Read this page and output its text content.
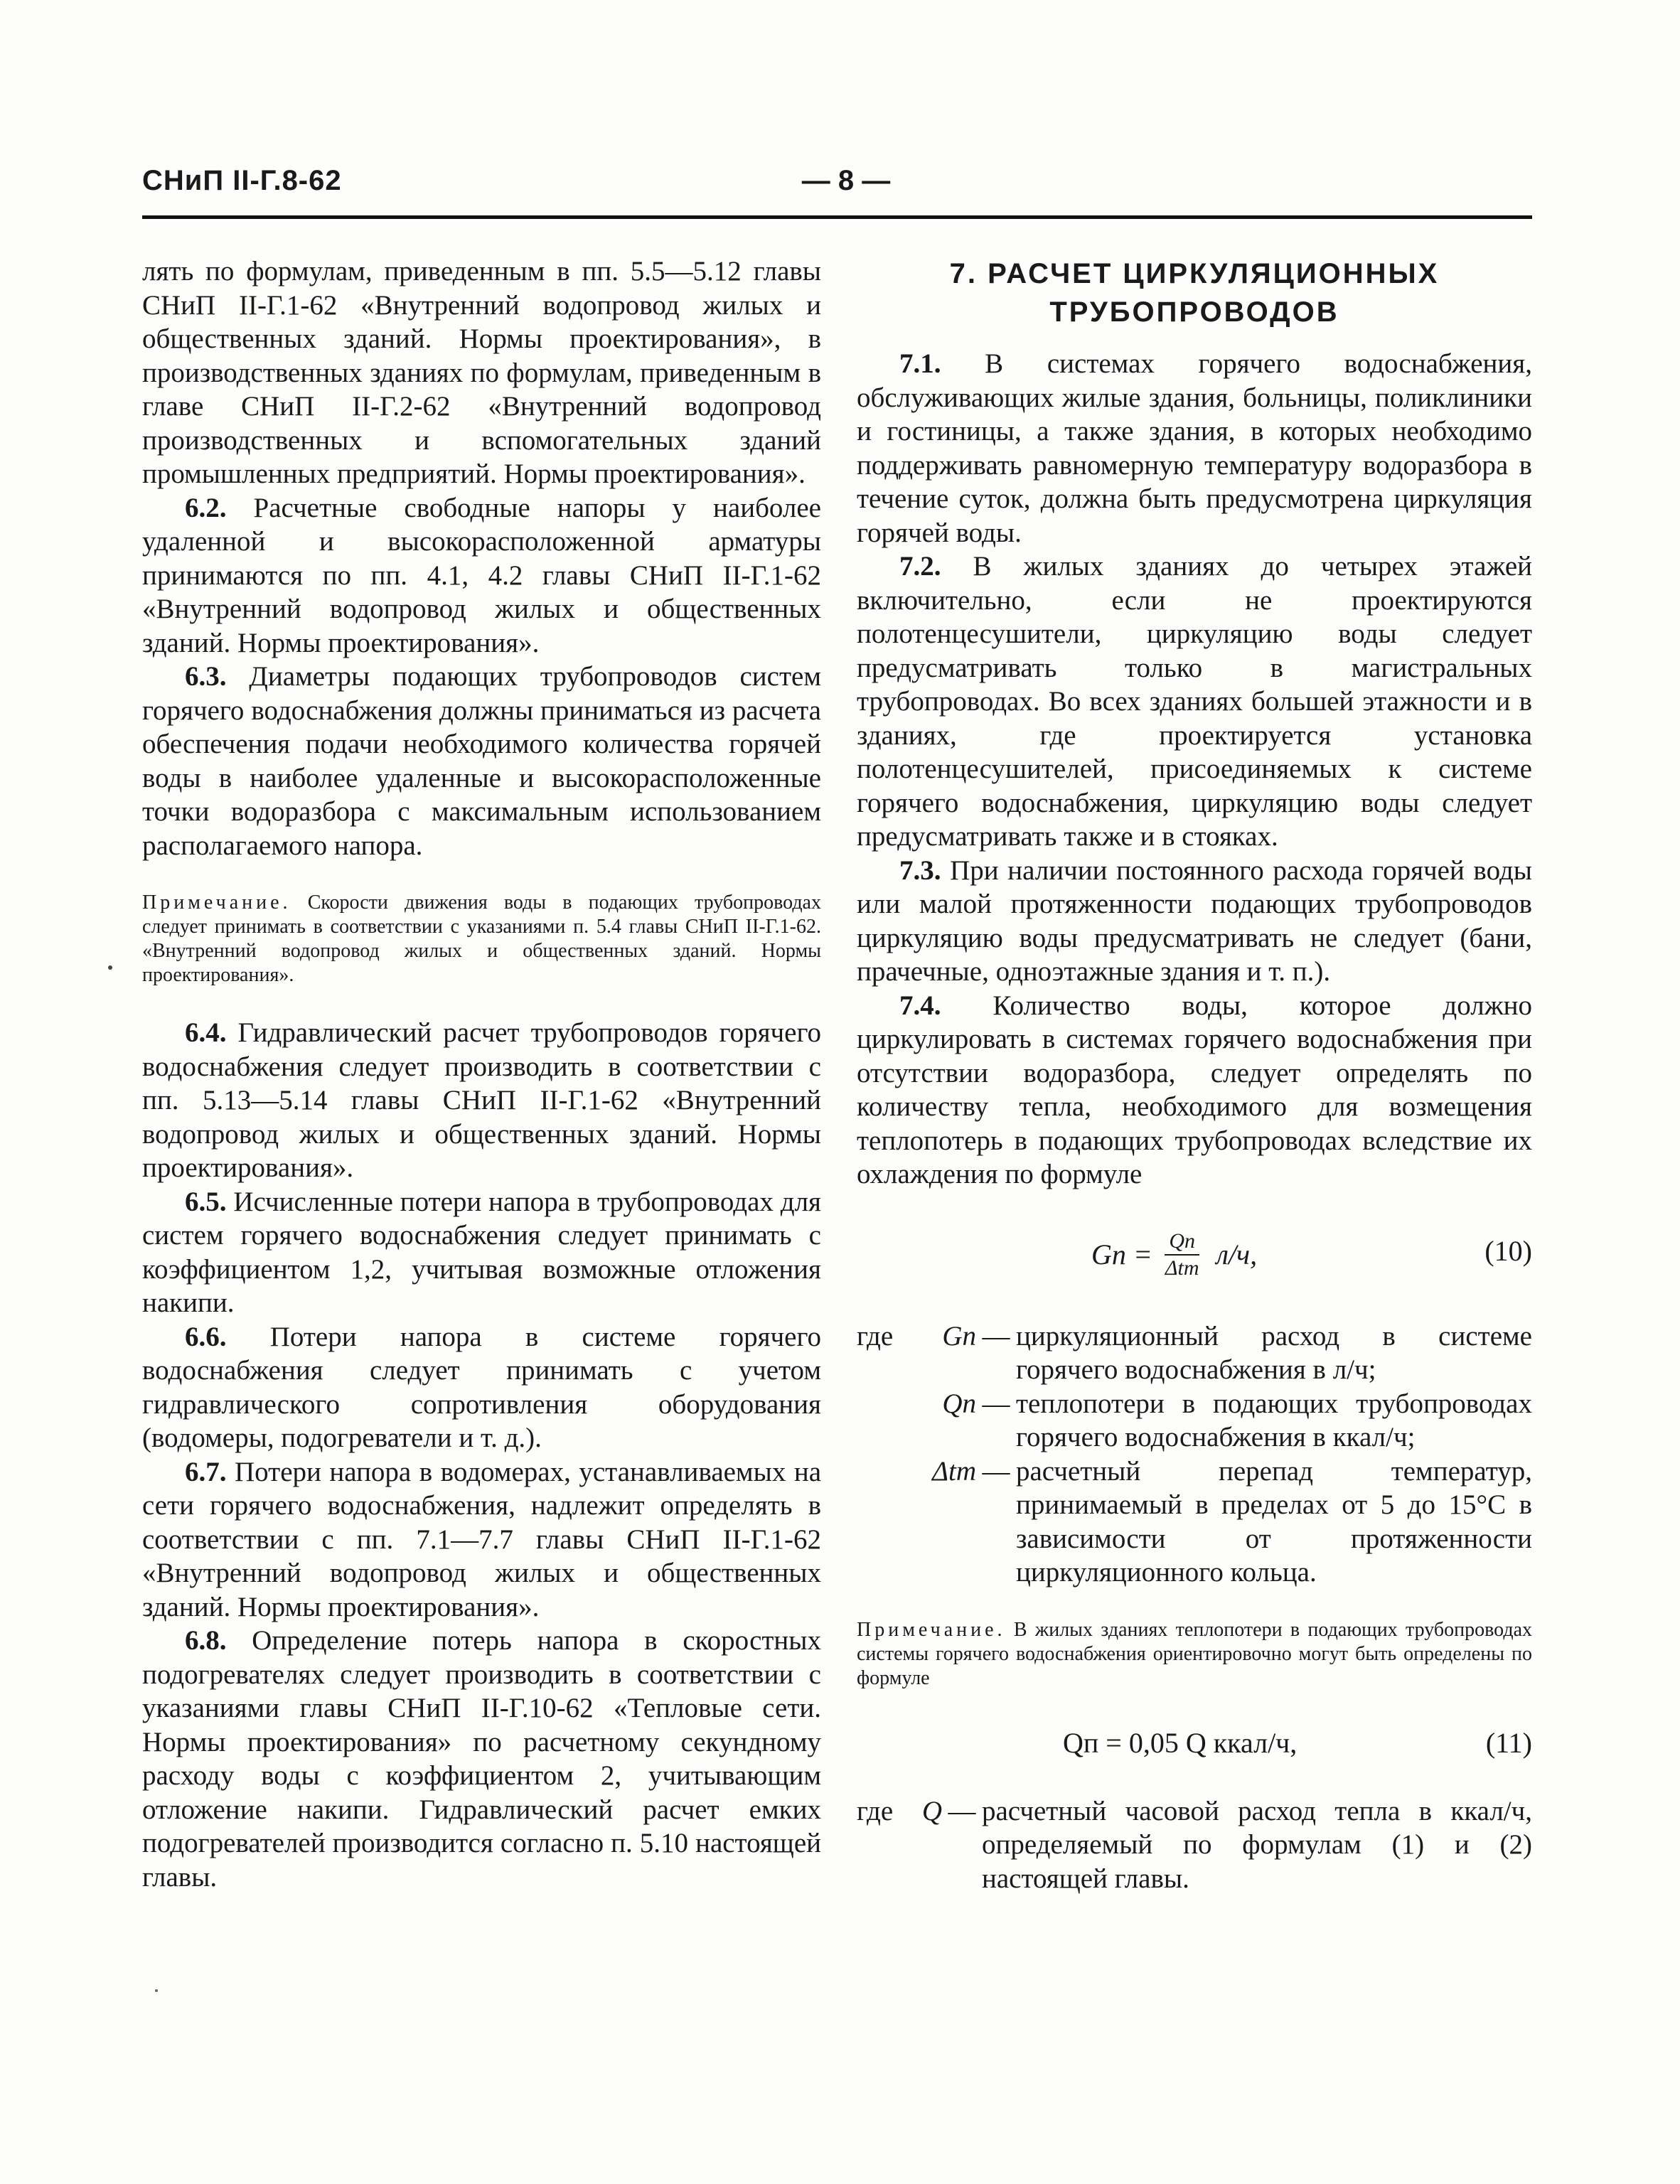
СНиП II-Г.8-62	— 8 —

лять по формулам, приведенным в пп. 5.5—5.12 главы СНиП II-Г.1-62 «Внутренний водопровод жилых и общественных зданий. Нормы проектирования», в производственных зданиях по формулам, приведенным в главе СНиП II-Г.2-62 «Внутренний водопровод производственных и вспомогательных зданий промышленных предприятий. Нормы проектирования».

6.2. Расчетные свободные напоры у наиболее удаленной и высокорасположенной арматуры принимаются по пп. 4.1, 4.2 главы СНиП II-Г.1-62 «Внутренний водопровод жилых и общественных зданий. Нормы проектирования».

6.3. Диаметры подающих трубопроводов систем горячего водоснабжения должны приниматься из расчета обеспечения подачи необходимого количества горячей воды в наиболее удаленные и высокорасположенные точки водоразбора с максимальным использованием располагаемого напора.

Примечание. Скорости движения воды в подающих трубопроводах следует принимать в соответствии с указаниями п. 5.4 главы СНиП II-Г.1-62. «Внутренний водопровод жилых и общественных зданий. Нормы проектирования».

6.4. Гидравлический расчет трубопроводов горячего водоснабжения следует производить в соответствии с пп. 5.13—5.14 главы СНиП II-Г.1-62 «Внутренний водопровод жилых и общественных зданий. Нормы проектирования».

6.5. Исчисленные потери напора в трубопроводах для систем горячего водоснабжения следует принимать с коэффициентом 1,2, учитывая возможные отложения накипи.

6.6. Потери напора в системе горячего водоснабжения следует принимать с учетом гидравлического сопротивления оборудования (водомеры, подогреватели и т. д.).

6.7. Потери напора в водомерах, устанавливаемых на сети горячего водоснабжения, надлежит определять в соответствии с пп. 7.1—7.7 главы СНиП II-Г.1-62 «Внутренний водопровод жилых и общественных зданий. Нормы проектирования».

6.8. Определение потерь напора в скоростных подогревателях следует производить в соответствии с указаниями главы СНиП II-Г.10-62 «Тепловые сети. Нормы проектирования» по расчетному секундному расходу воды с коэффициентом 2, учитывающим отложение накипи. Гидравлический расчет емких подогревателей производится согласно п. 5.10 настоящей главы.

7. РАСЧЕТ ЦИРКУЛЯЦИОННЫХ
ТРУБОПРОВОДОВ

7.1. В системах горячего водоснабжения, обслуживающих жилые здания, больницы, поликлиники и гостиницы, а также здания, в которых необходимо поддерживать равномерную температуру водоразбора в течение суток, должна быть предусмотрена циркуляция горячей воды.

7.2. В жилых зданиях до четырех этажей включительно, если не проектируются полотенцесушители, циркуляцию воды следует предусматривать только в магистральных трубопроводах. Во всех зданиях большей этажности и в зданиях, где проектируется установка полотенцесушителей, присоединяемых к системе горячего водоснабжения, циркуляцию воды следует предусматривать также и в стояках.

7.3. При наличии постоянного расхода горячей воды или малой протяженности подающих трубопроводов циркуляцию воды предусматривать не следует (бани, прачечные, одноэтажные здания и т. п.).

7.4. Количество воды, которое должно циркулировать в системах горячего водоснабжения при отсутствии водоразбора, следует определять по количеству тепла, необходимого для возмещения теплопотерь в подающих трубопроводах вследствие их охлаждения по формуле

Gп = $\frac{Qп}{\text{Δtт}} л/ч$,	(10)
где	Gп — циркуляционный расход в системе горячего водоснабжения в л/ч;
Qп — теплопотери в подающих трубопроводах горячего водоснабжения в ккал/ч;
Δtт — расчетный перепад температур, принимаемый в пределах от 5 до 15°С в зависимости от протяженности циркуляционного кольца.

Примечание. В жилых зданиях теплопотери в подающих трубопроводах системы горячего водоснабжения ориентировочно могут быть определены по формуле

Qп = 0,05 Q ккал/ч,	(11)
где	Q — расчетный часовой расход тепла в ккал/ч, определяемый по формулам (1) и (2) настоящей главы.
